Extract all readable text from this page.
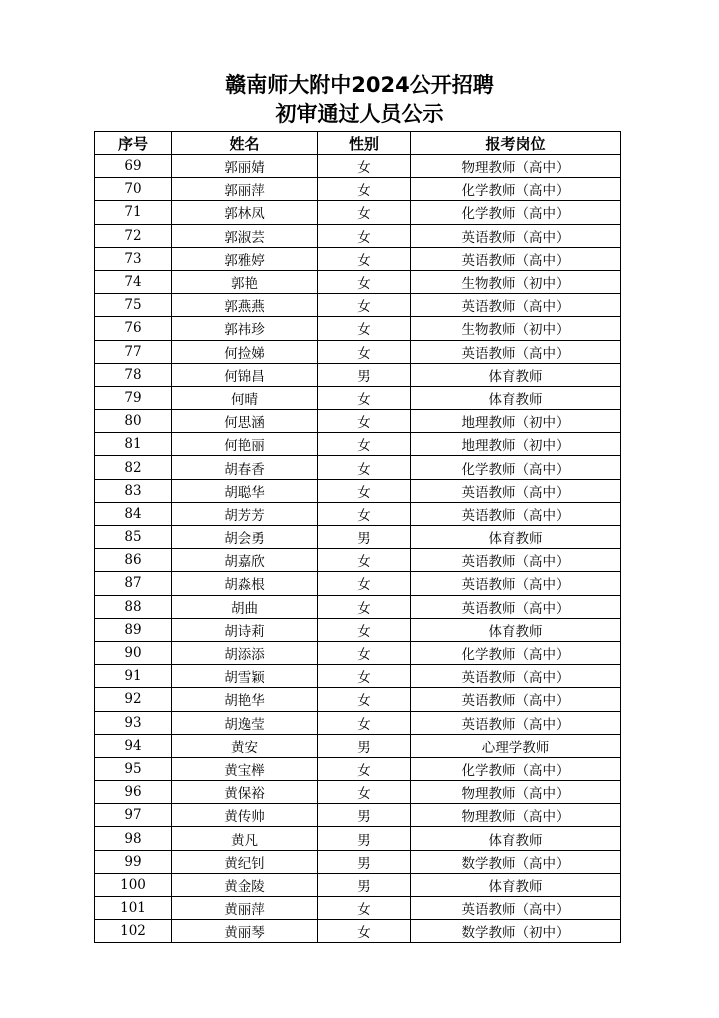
赣南师大附中2024公开招聘
初审通过人员公示
序号	姓名	性别	报考岗位
69	郭丽婧	女	物理教师（高中）
70	郭丽萍	女	化学教师（高中）
71	郭林凤	女	化学教师（高中）
72	郭淑芸	女	英语教师（高中）
73	郭雅婷	女	英语教师（高中）
74	郭艳	女	生物教师（初中）
75	郭燕燕	女	英语教师（高中）
76	郭祎珍	女	生物教师（初中）
77	何捡娣	女	英语教师（高中）
78	何锦昌	男	体育教师
79	何晴	女	体育教师
80	何思涵	女	地理教师（初中）
81	何艳丽	女	地理教师（初中）
82	胡春香	女	化学教师（高中）
83	胡聪华	女	英语教师（高中）
84	胡芳芳	女	英语教师（高中）
85	胡会勇	男	体育教师
86	胡嘉欣	女	英语教师（高中）
87	胡淼根	女	英语教师（高中）
88	胡曲	女	英语教师（高中）
89	胡诗莉	女	体育教师
90	胡添添	女	化学教师（高中）
91	胡雪颖	女	英语教师（高中）
92	胡艳华	女	英语教师（高中）
93	胡逸莹	女	英语教师（高中）
94	黄安	男	心理学教师
95	黄宝榉	女	化学教师（高中）
96	黄保裕	女	物理教师（高中）
97	黄传帅	男	物理教师（高中）
98	黄凡	男	体育教师
99	黄纪钊	男	数学教师（高中）
100	黄金陵	男	体育教师
101	黄丽萍	女	英语教师（高中）
102	黄丽琴	女	数学教师（初中）
